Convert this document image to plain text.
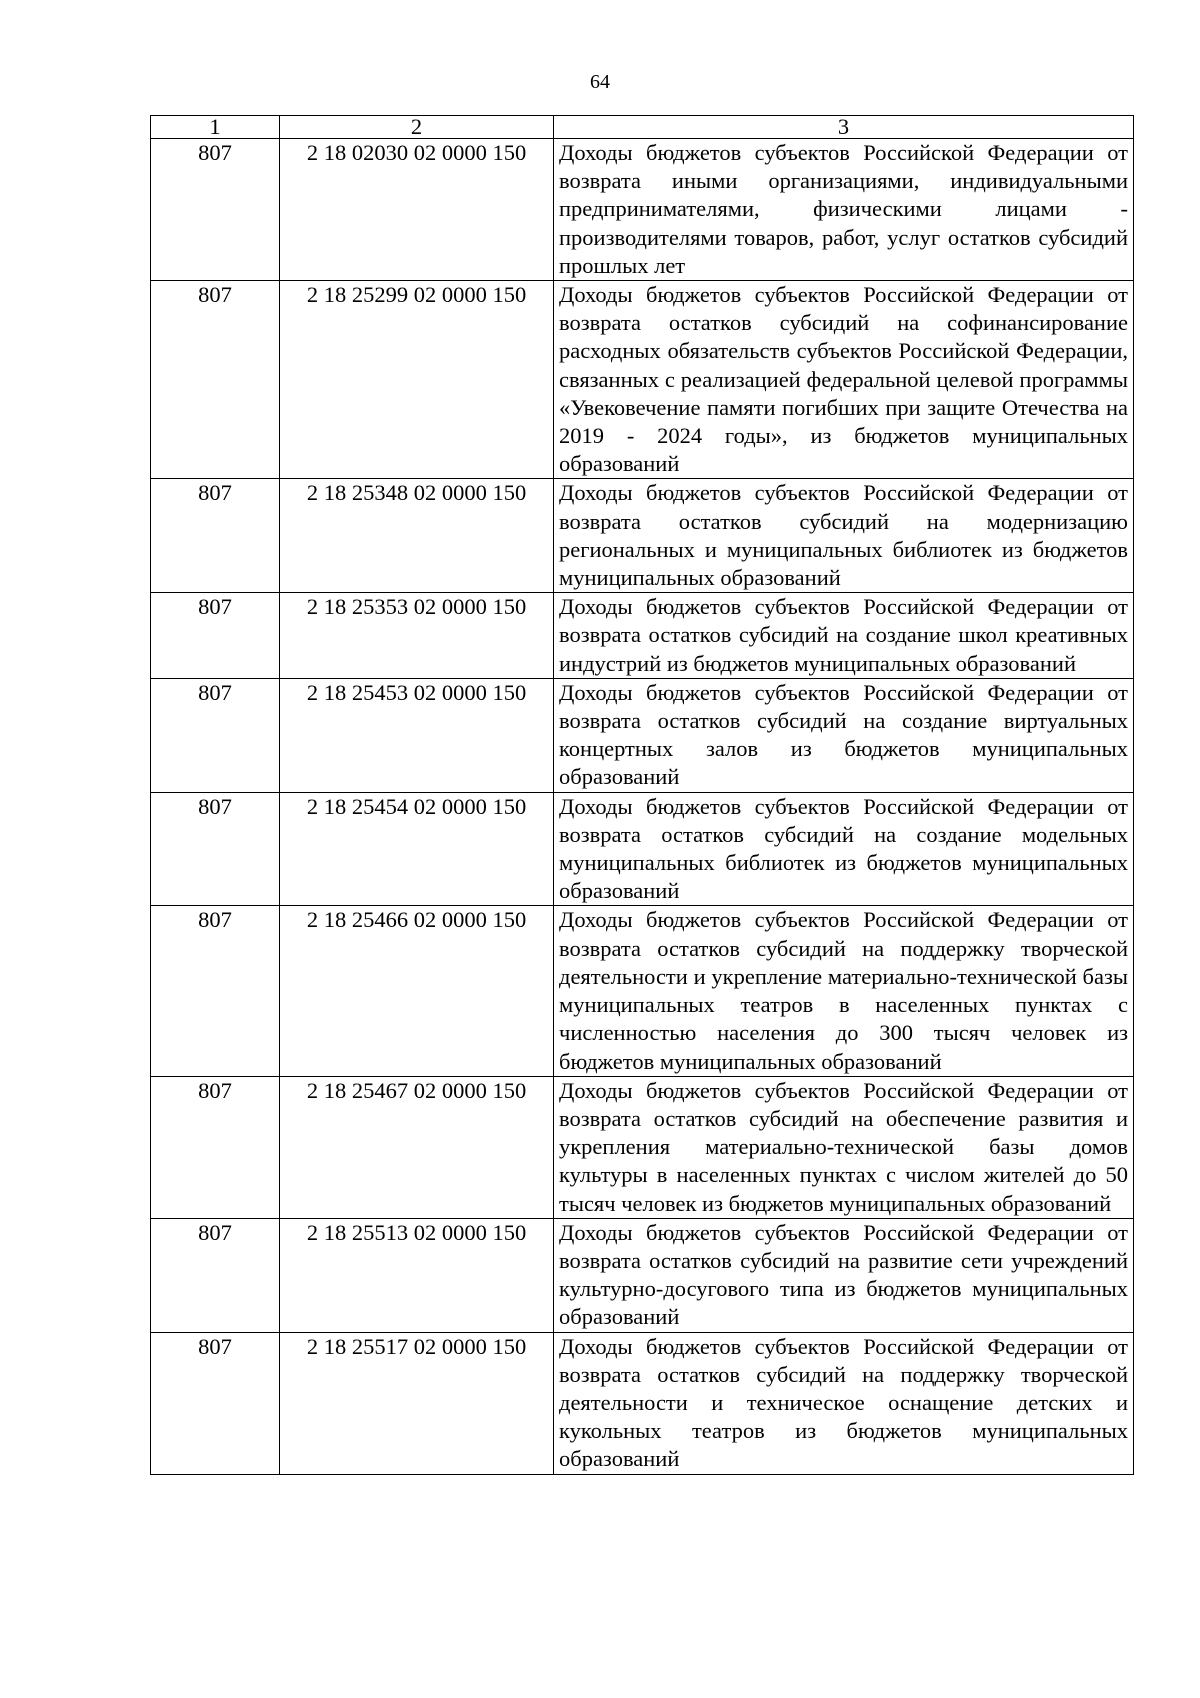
64
1	2	3
807	2 18 02030 02 0000 150	Доходы бюджетов субъектов Российской Федерации от возврата иными организациями, индивидуальными предпринимателями, физическими лицами - производителями товаров, работ, услуг остатков субсидий прошлых лет
807	2 18 25299 02 0000 150	Доходы бюджетов субъектов Российской Федерации от возврата остатков субсидий на софинансирование расходных обязательств субъектов Российской Федерации, связанных с реализацией федеральной целевой программы «Увековечение памяти погибших при защите Отечества на 2019 - 2024 годы», из бюджетов муниципальных образований
807	2 18 25348 02 0000 150	Доходы бюджетов субъектов Российской Федерации от возврата остатков субсидий на модернизацию региональных и муниципальных библиотек из бюджетов муниципальных образований
807	2 18 25353 02 0000 150	Доходы бюджетов субъектов Российской Федерации от возврата остатков субсидий на создание школ креативных индустрий из бюджетов муниципальных образований
807	2 18 25453 02 0000 150	Доходы бюджетов субъектов Российской Федерации от возврата остатков субсидий на создание виртуальных концертных залов из бюджетов муниципальных образований
807	2 18 25454 02 0000 150	Доходы бюджетов субъектов Российской Федерации от возврата остатков субсидий на создание модельных муниципальных библиотек из бюджетов муниципальных образований
807	2 18 25466 02 0000 150	Доходы бюджетов субъектов Российской Федерации от возврата остатков субсидий на поддержку творческой деятельности и укрепление материально-технической базы муниципальных театров в населенных пунктах с численностью населения до 300 тысяч человек из бюджетов муниципальных образований
807	2 18 25467 02 0000 150	Доходы бюджетов субъектов Российской Федерации от возврата остатков субсидий на обеспечение развития и укрепления материально-технической базы домов культуры в населенных пунктах с числом жителей до 50 тысяч человек из бюджетов муниципальных образований
807	2 18 25513 02 0000 150	Доходы бюджетов субъектов Российской Федерации от возврата остатков субсидий на развитие сети учреждений культурно-досугового типа из бюджетов муниципальных образований
807	2 18 25517 02 0000 150	Доходы бюджетов субъектов Российской Федерации от возврата остатков субсидий на поддержку творческой деятельности и техническое оснащение детских и кукольных театров из бюджетов муниципальных образований
